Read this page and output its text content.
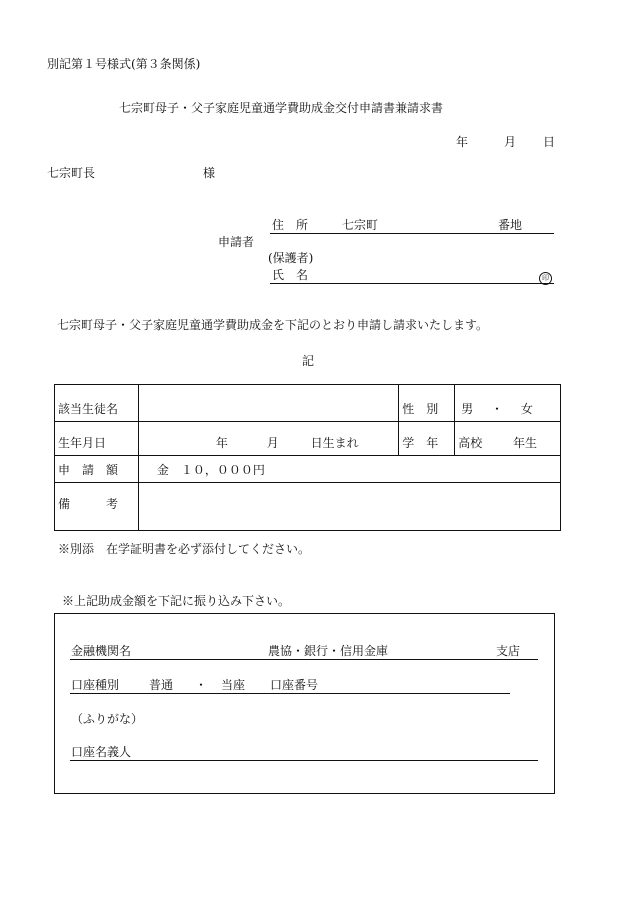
別記第１号様式(第３条関係)
七宗町母子・父子家庭児童通学費助成金交付申請書兼請求書
年	月 日
七宗町長	様
住　所	七宗町	番地
申請者
(保護者)
氏　名	印
七宗町母子・父子家庭児童通学費助成金を下記のとおり申請し請求いたします。
記
該当生徒名		性　別	男 ・ 女
生年月日	年 月 日生まれ	学　年	高校 年生
申　請　額	金　１０，０００円		
備　　　考			
※別添　在学証明書を必ず添付してください。
※上記助成金額を下記に振り込み下さい。
金融機関名	農協・銀行・信用金庫	支店
口座種別 普通 ・ 当座 口座番号
（ふりがな）
口座名義人
